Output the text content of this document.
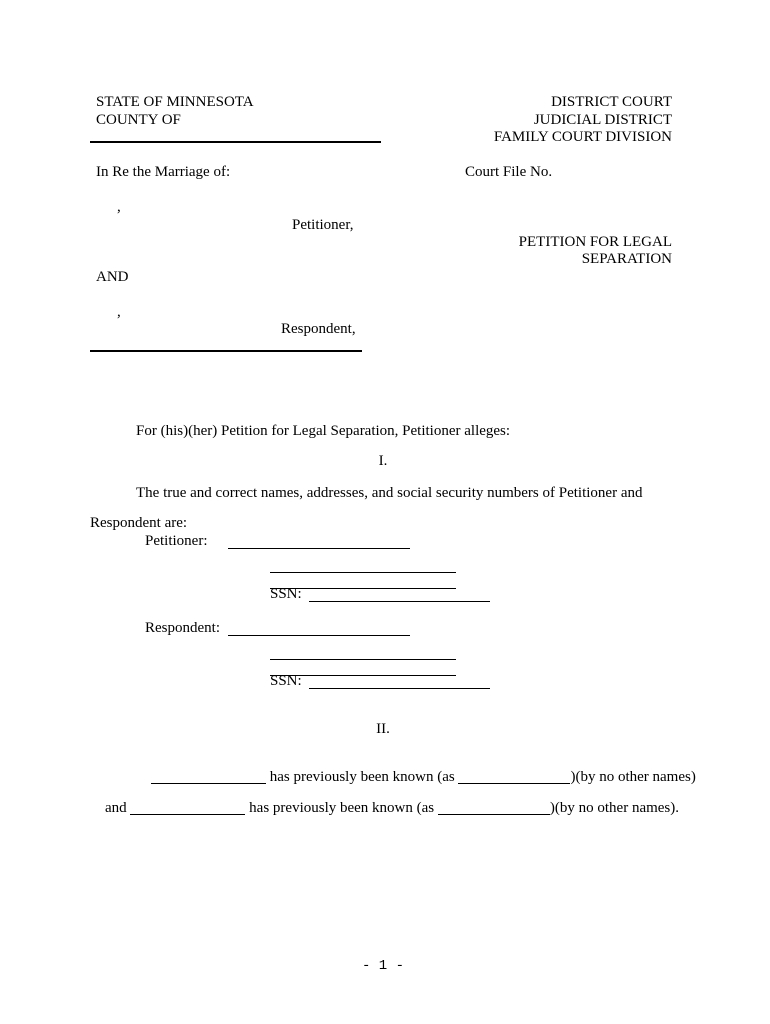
STATE OF MINNESOTA
COUNTY OF
DISTRICT COURT
JUDICIAL DISTRICT
FAMILY COURT DIVISION
In Re the Marriage of:	Court File No.
,
Petitioner,
PETITION FOR LEGAL
SEPARATION
AND
,
Respondent,
For (his)(her) Petition for Legal Separation, Petitioner alleges:
I.
The true and correct names, addresses, and social security numbers of Petitioner and
Respondent are:
Petitioner:
SSN:
Respondent:
SSN:
II.

has previously been known (as	)(by no other names)

and	has previously been known (as	)(by no other names).

- 1 -
